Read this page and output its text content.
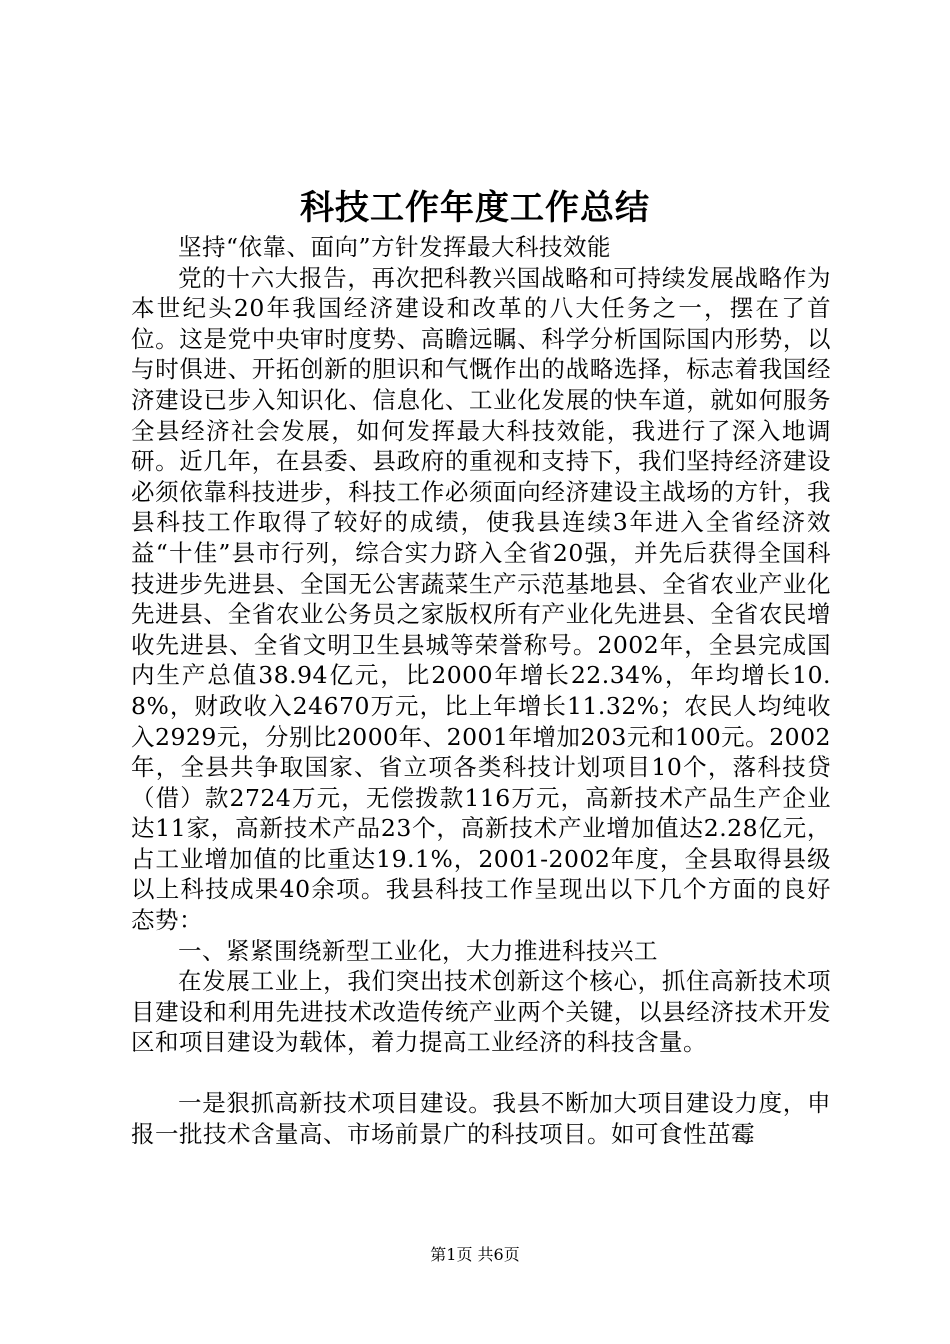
科技工作年度工作总结

坚持“依靠、面向”方针发挥最大科技效能

党的十六大报告，再次把科教兴国战略和可持续发展战略作为本世纪头20年我国经济建设和改革的八大任务之一，摆在了首位。这是党中央审时度势、高瞻远瞩、科学分析国际国内形势，以与时俱进、开拓创新的胆识和气慨作出的战略选择，标志着我国经济建设已步入知识化、信息化、工业化发展的快车道，就如何服务全县经济社会发展，如何发挥最大科技效能，我进行了深入地调研。近几年，在县委、县政府的重视和支持下，我们坚持经济建设必须依靠科技进步，科技工作必须面向经济建设主战场的方针，我县科技工作取得了较好的成绩，使我县连续3年进入全省经济效益“十佳”县市行列，综合实力跻入全省20强，并先后获得全国科技进步先进县、全国无公害蔬菜生产示范基地县、全省农业产业化先进县、全省农业公务员之家版权所有产业化先进县、全省农民增收先进县、全省文明卫生县城等荣誉称号。2002年，全县完成国内生产总值38.94亿元，比2000年增长22.34%，年均增长10.8%，财政收入24670万元，比上年增长11.32%；农民人均纯收入2929元，分别比2000年、2001年增加203元和100元。2002年，全县共争取国家、省立项各类科技计划项目10个，落科技贷（借）款2724万元，无偿拨款116万元，高新技术产品生产企业达11家，高新技术产品23个，高新技术产业增加值达2.28亿元，占工业增加值的比重达19.1%，2001-2002年度，全县取得县级以上科技成果40余项。我县科技工作呈现出以下几个方面的良好态势：

一、紧紧围绕新型工业化，大力推进科技兴工

在发展工业上，我们突出技术创新这个核心，抓住高新技术项目建设和利用先进技术改造传统产业两个关键，以县经济技术开发区和项目建设为载体，着力提高工业经济的科技含量。

一是狠抓高新技术项目建设。我县不断加大项目建设力度，申报一批技术含量高、市场前景广的科技项目。如可食性茁霉

第1页 共6页
